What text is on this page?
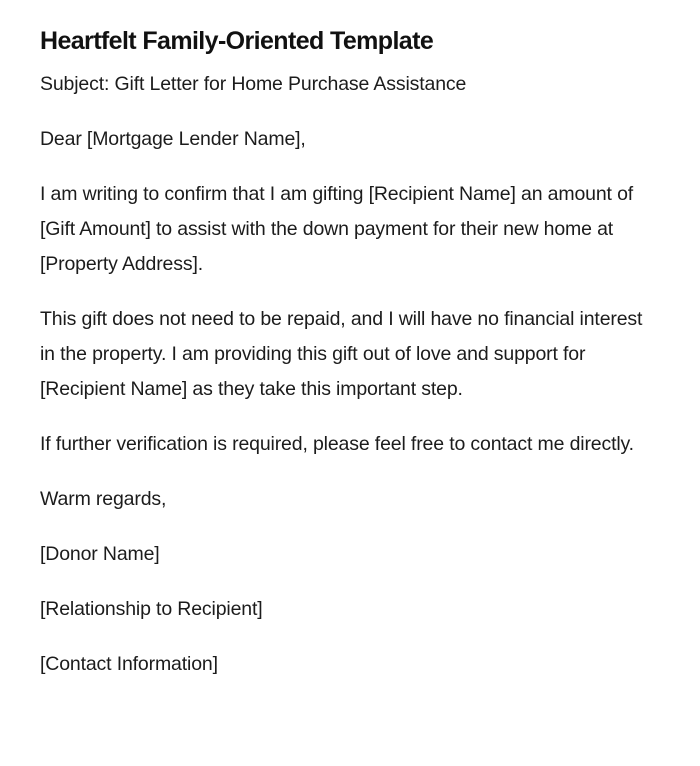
Heartfelt Family-Oriented Template

Subject: Gift Letter for Home Purchase Assistance

Dear [Mortgage Lender Name],

I am writing to confirm that I am gifting [Recipient Name] an amount of [Gift Amount] to assist with the down payment for their new home at [Property Address].

This gift does not need to be repaid, and I will have no financial interest in the property. I am providing this gift out of love and support for [Recipient Name] as they take this important step.

If further verification is required, please feel free to contact me directly.

Warm regards,

[Donor Name]

[Relationship to Recipient]

[Contact Information]
